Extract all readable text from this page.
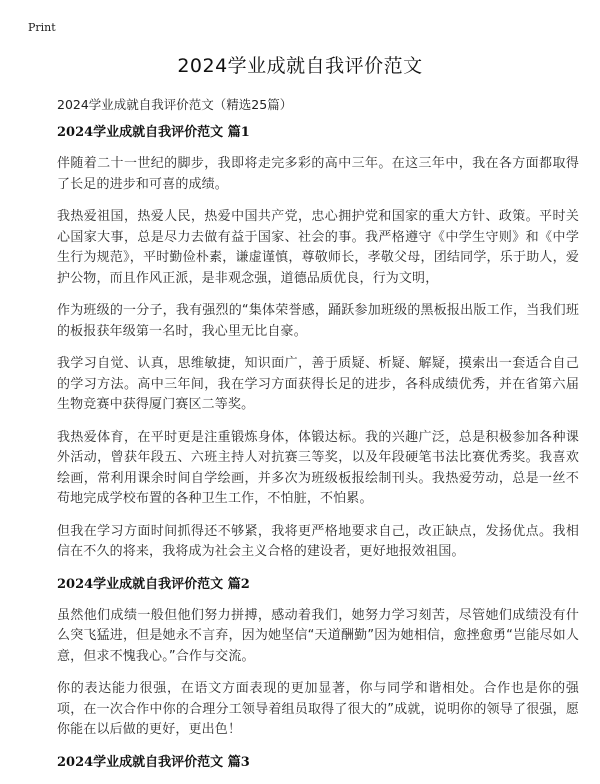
Print
2024学业成就自我评价范文

2024学业成就自我评价范文（精选25篇）

2024学业成就自我评价范文 篇1

伴随着二十一世纪的脚步，我即将走完多彩的高中三年。在这三年中，我在各方面都取得了长足的进步和可喜的成绩。

我热爱祖国，热爱人民，热爱中国共产党，忠心拥护党和国家的重大方针、政策。平时关心国家大事，总是尽力去做有益于国家、社会的事。我严格遵守《中学生守则》和《中学生行为规范》，平时勤俭朴素，谦虚谨慎，尊敬师长，孝敬父母，团结同学，乐于助人，爱护公物，而且作风正派，是非观念强，道德品质优良，行为文明，

作为班级的一分子，我有强烈的“集体荣誉感，踊跃参加班级的黑板报出版工作，当我们班的板报获年级第一名时，我心里无比自豪。

我学习自觉、认真，思维敏捷，知识面广，善于质疑、析疑、解疑，摸索出一套适合自己的学习方法。高中三年间，我在学习方面获得长足的进步，各科成绩优秀，并在省第六届生物竞赛中获得厦门赛区二等奖。

我热爱体育，在平时更是注重锻炼身体，体锻达标。我的兴趣广泛，总是积极参加各种课外活动，曾获年段五、六班主持人对抗赛三等奖，以及年段硬笔书法比赛优秀奖。我喜欢绘画，常利用课余时间自学绘画，并多次为班级板报绘制刊头。我热爱劳动，总是一丝不苟地完成学校布置的各种卫生工作，不怕脏，不怕累。

但我在学习方面时间抓得还不够紧，我将更严格地要求自己，改正缺点，发扬优点。我相信在不久的将来，我将成为社会主义合格的建设者，更好地报效祖国。

2024学业成就自我评价范文 篇2

虽然他们成绩一般但他们努力拼搏，感动着我们，她努力学习刻苦，尽管她们成绩没有什么突飞猛进，但是她永不言弃，因为她坚信“天道酬勤”因为她相信，愈挫愈勇“岂能尽如人意，但求不愧我心。”合作与交流。

你的表达能力很强，在语文方面表现的更加显著，你与同学和谐相处。合作也是你的强项，在一次合作中你的合理分工领导着组员取得了很大的”成就，说明你的领导了很强，愿你能在以后做的更好，更出色！

2024学业成就自我评价范文 篇3
